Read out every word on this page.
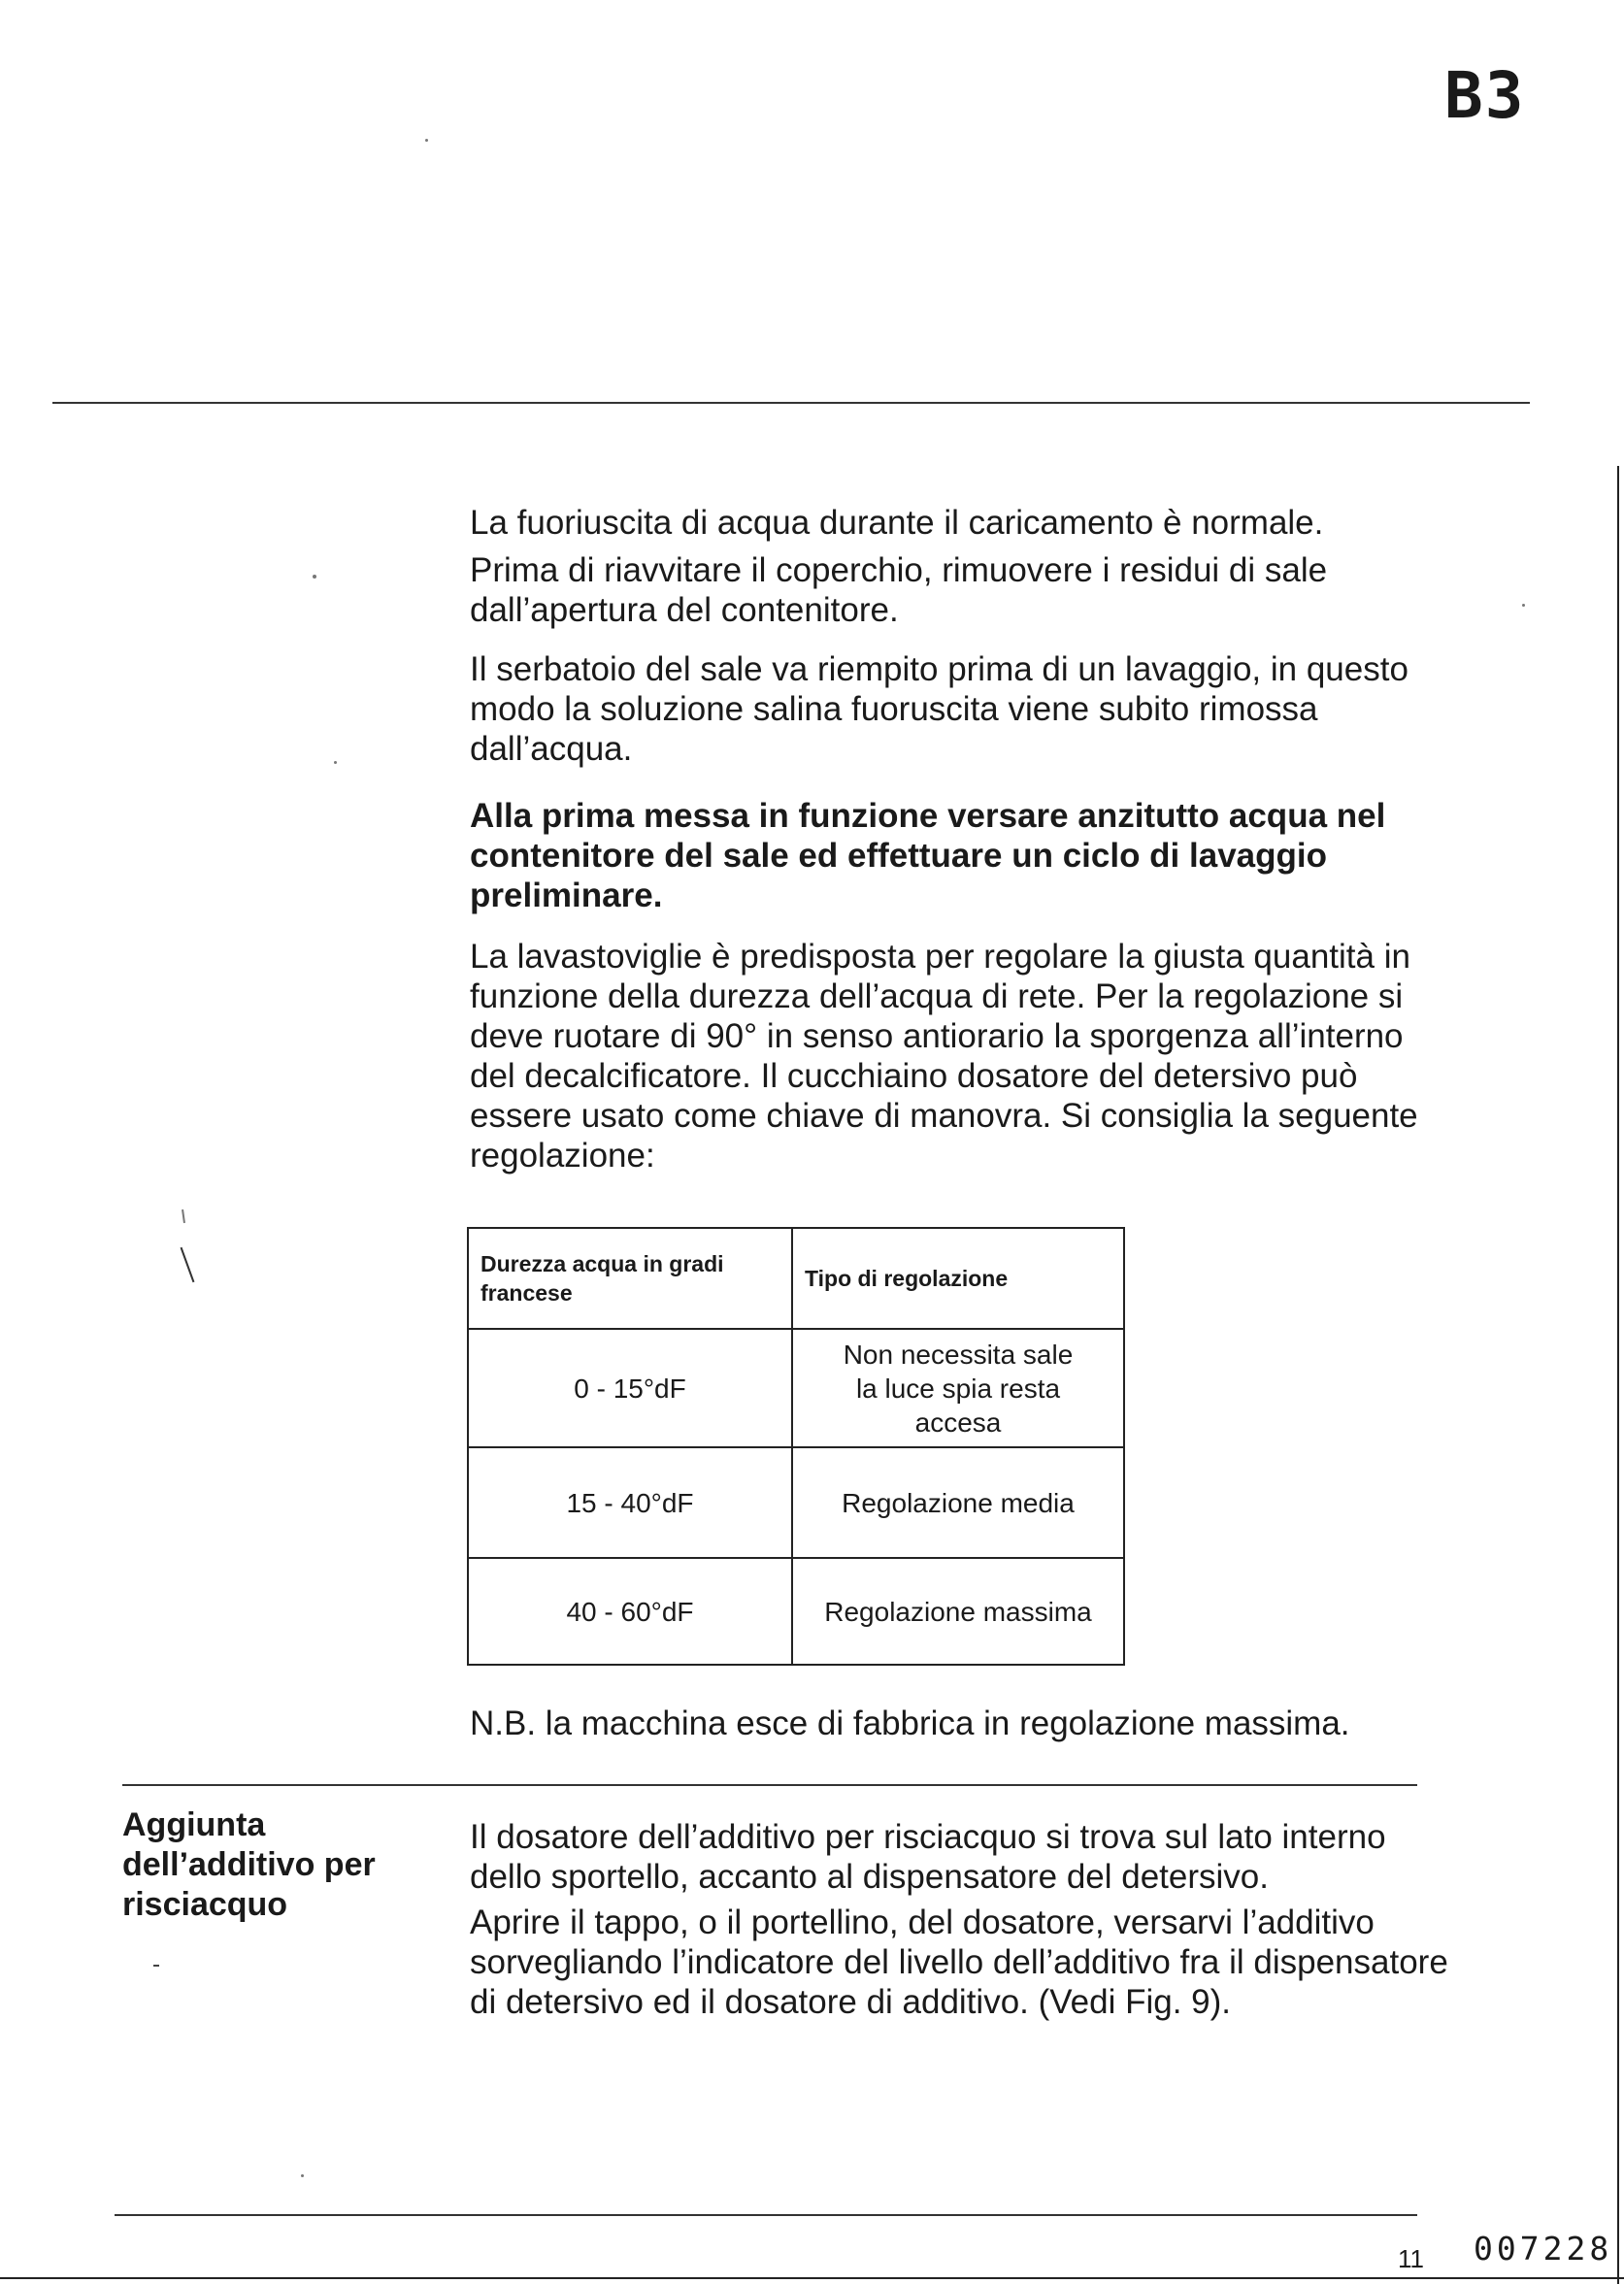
B3

La fuoriuscita di acqua durante il caricamento è normale.

Prima di riavvitare il coperchio, rimuovere i residui di sale dall’apertura del contenitore.

Il serbatoio del sale va riempito prima di un lavaggio, in questo modo la soluzione salina fuoruscita viene subito rimossa dall’acqua.

Alla prima messa in funzione versare anzitutto acqua nel contenitore del sale ed effettuare un ciclo di lavaggio preliminare.

La lavastoviglie è predisposta per regolare la giusta quantità in funzione della durezza dell’acqua di rete. Per la regolazione si deve ruotare di 90° in senso antiorario la sporgenza all’interno del decalcificatore. Il cucchiaino dosatore del detersivo può essere usato come chiave di manovra. Si consiglia la seguente regolazione:

Durezza acqua in gradi francese	Tipo di regolazione
0 - 15°dF	Non necessita sale la luce spia resta accesa
15 - 40°dF	Regolazione media
40 - 60°dF	Regolazione massima
N.B. la macchina esce di fabbrica in regolazione massima.
Aggiunta dell’additivo per risciacquo

Il dosatore dell’additivo per risciacquo si trova sul lato interno dello sportello, accanto al dispensatore del detersivo.

Aprire il tappo, o il portellino, del dosatore, versarvi l’additivo sorvegliando l’indicatore del livello dell’additivo fra il dispensatore di detersivo ed il dosatore di additivo. (Vedi Fig. 9).

11 007228
